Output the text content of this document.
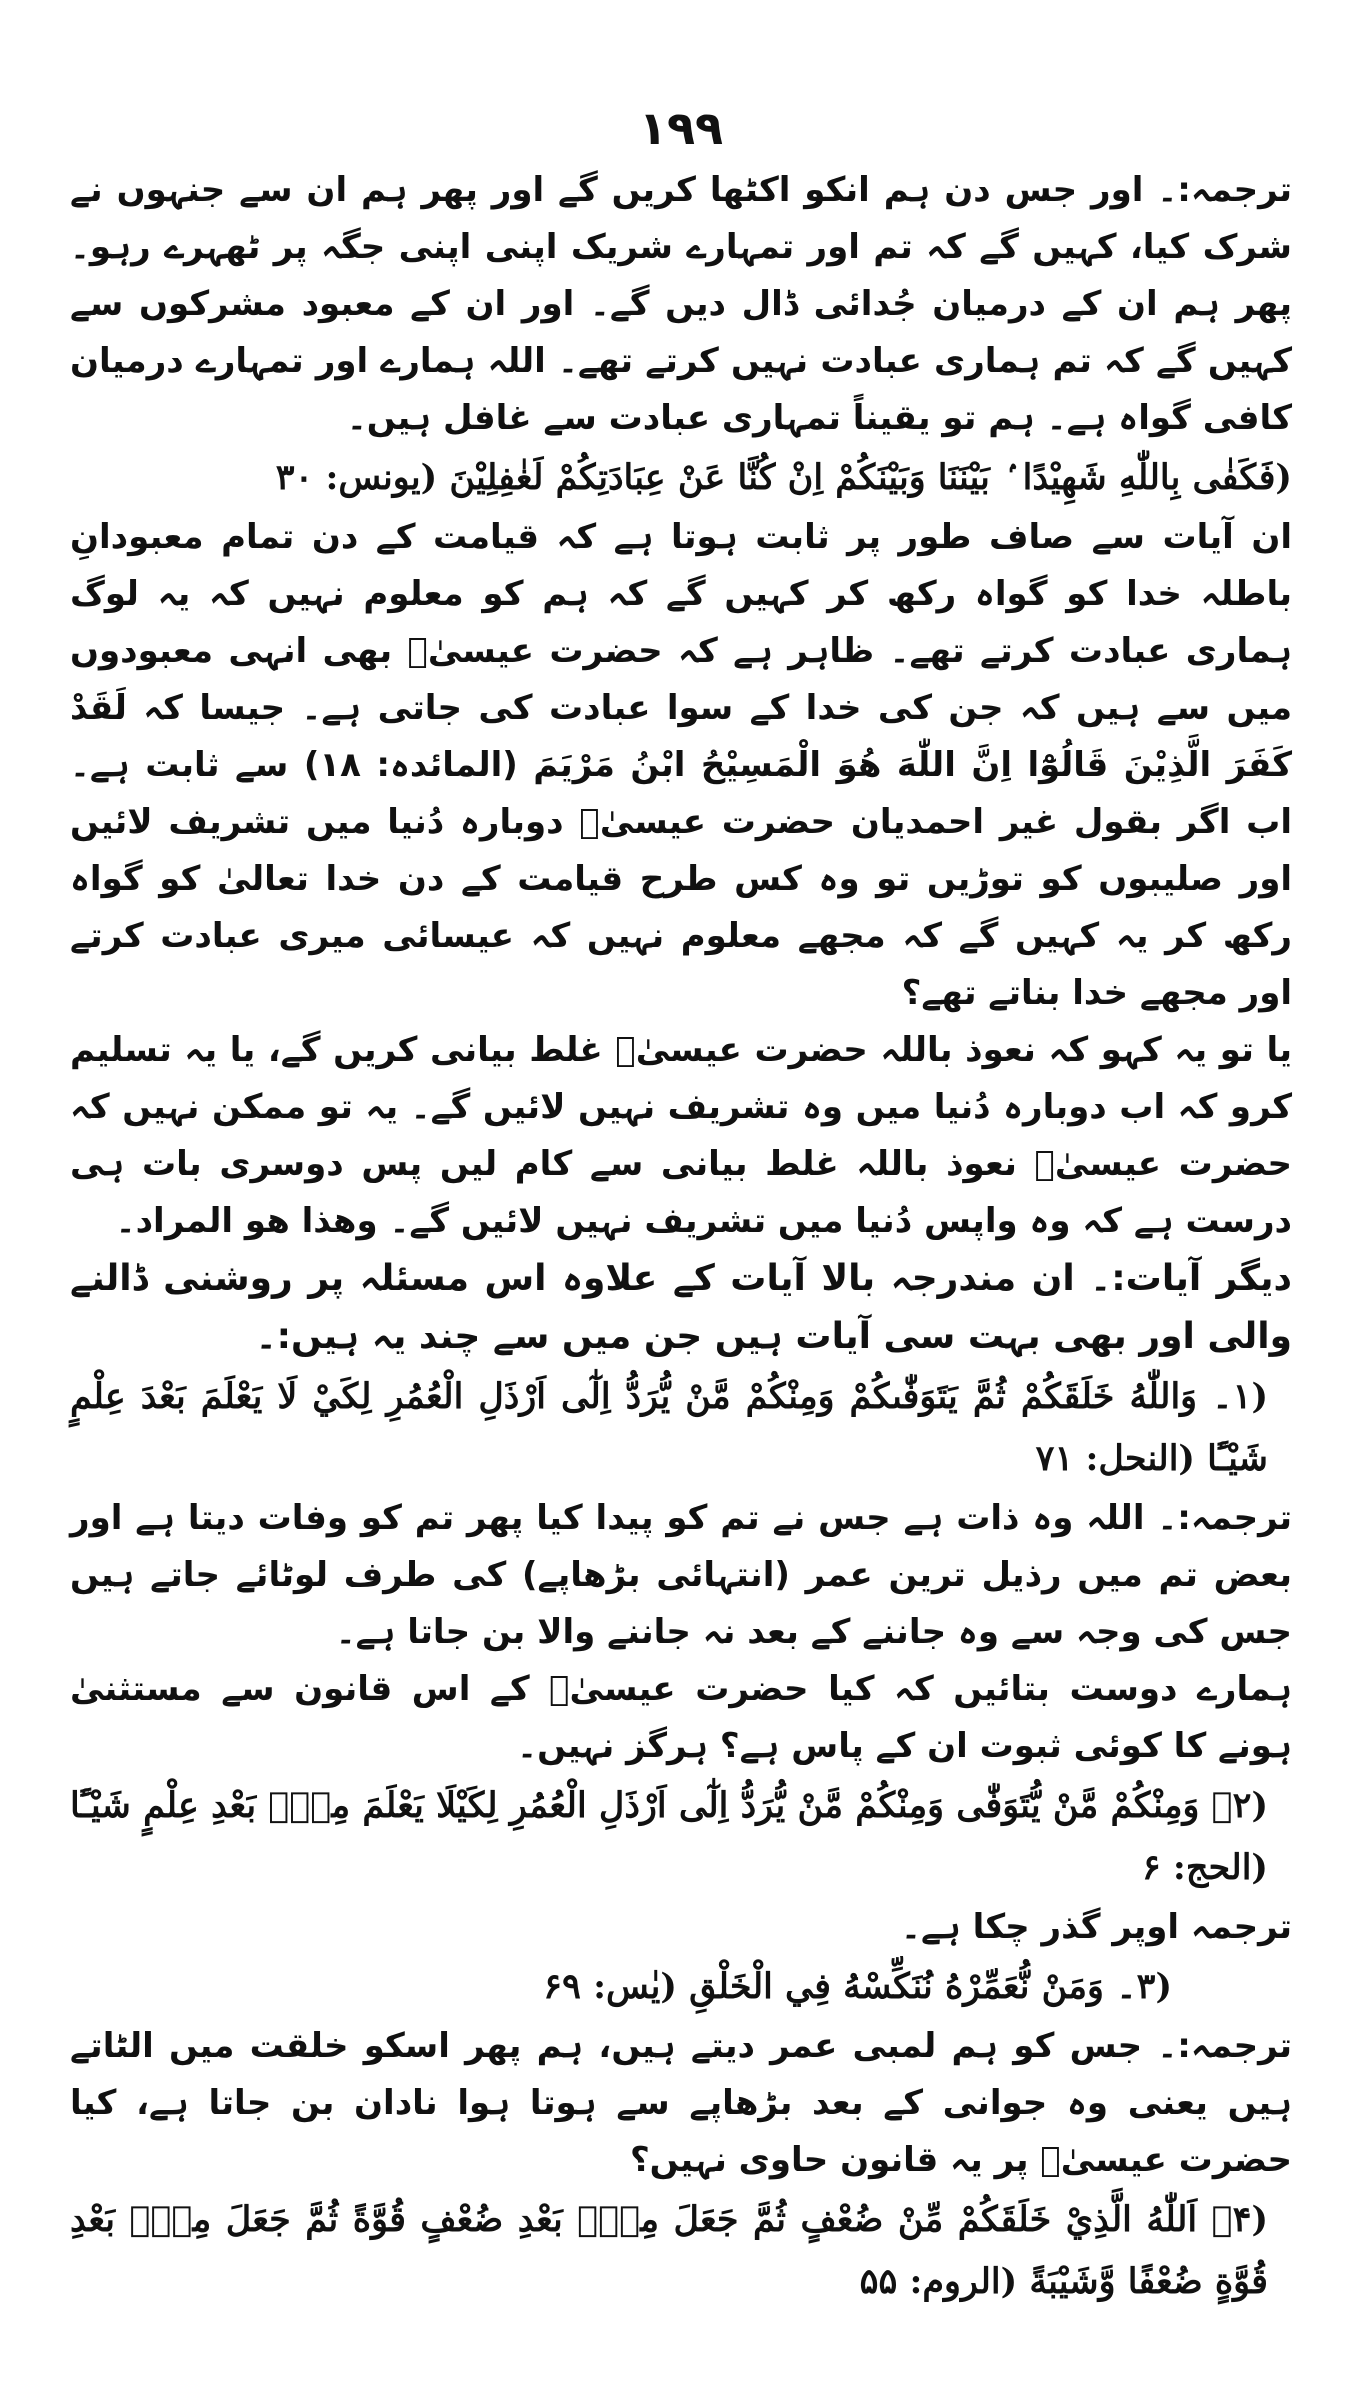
١٩٩

ترجمہ:۔ اور جس دن ہم انکو اکٹھا کریں گے اور پھر ہم ان سے جنہوں نے شرک کیا، کہیں گے کہ تم اور تمہارے شریک اپنی اپنی جگہ پر ٹھہرے رہو۔ پھر ہم ان کے درمیان جُدائی ڈال دیں گے۔ اور ان کے معبود مشرکوں سے کہیں گے کہ تم ہماری عبادت نہیں کرتے تھے۔ اللہ ہمارے اور تمہارے درمیان کافی گواہ ہے۔ ہم تو یقیناً تمہاری عبادت سے غافل ہیں۔

(فَكَفٰى بِاللّٰهِ شَهِيْدًا ۢ بَيْنَنَا وَبَيْنَكُمْ اِنْ كُنَّا عَنْ عِبَادَتِكُمْ لَغٰفِلِيْنَ (یونس: ۳۰

ان آیات سے صاف طور پر ثابت ہوتا ہے کہ قیامت کے دن تمام معبودانِ باطلہ خدا کو گواہ رکھ کر کہیں گے کہ ہم کو معلوم نہیں کہ یہ لوگ ہماری عبادت کرتے تھے۔ ظاہر ہے کہ حضرت عیسیٰؑ بھی انہی معبودوں میں سے ہیں کہ جن کی خدا کے سوا عبادت کی جاتی ہے۔ جیسا کہ لَقَدْ كَفَرَ الَّذِيْنَ قَالُوْٓا اِنَّ اللّٰهَ هُوَ الْمَسِيْحُ ابْنُ مَرْيَمَ (المائدہ: ۱۸) سے ثابت ہے۔ اب اگر بقول غیر احمدیان حضرت عیسیٰؑ دوبارہ دُنیا میں تشریف لائیں اور صلیبوں کو توڑیں تو وہ کس طرح قیامت کے دن خدا تعالیٰ کو گواہ رکھ کر یہ کہیں گے کہ مجھے معلوم نہیں کہ عیسائی میری عبادت کرتے اور مجھے خدا بناتے تھے؟

یا تو یہ کہو کہ نعوذ باللہ حضرت عیسیٰؑ غلط بیانی کریں گے، یا یہ تسلیم کرو کہ اب دوبارہ دُنیا میں وہ تشریف نہیں لائیں گے۔ یہ تو ممکن نہیں کہ حضرت عیسیٰؑ نعوذ باللہ غلط بیانی سے کام لیں پس دوسری بات ہی درست ہے کہ وہ واپس دُنیا میں تشریف نہیں لائیں گے۔ وھذا ھو المراد۔

دیگر آیات:۔ ان مندرجہ بالا آیات کے علاوہ اس مسئلہ پر روشنی ڈالنے والی اور بھی بہت سی آیات ہیں جن میں سے چند یہ ہیں:۔

(۱۔ وَاللّٰهُ خَلَقَكُمْ ثُمَّ يَتَوَفّٰىكُمْ وَمِنْكُمْ مَّنْ يُّرَدُّ اِلٰٓى اَرْذَلِ الْعُمُرِ لِكَيْ لَا يَعْلَمَ بَعْدَ عِلْمٍ شَيْـًٔا (النحل: ۷۱

ترجمہ:۔ اللہ وہ ذات ہے جس نے تم کو پیدا کیا پھر تم کو وفات دیتا ہے اور بعض تم میں رذیل ترین عمر (انتہائی بڑھاپے) کی طرف لوٹائے جاتے ہیں جس کی وجہ سے وہ جاننے کے بعد نہ جاننے والا بن جاتا ہے۔

ہمارے دوست بتائیں کہ کیا حضرت عیسیٰؑ کے اس قانون سے مستثنیٰ ہونے کا کوئی ثبوت ان کے پاس ہے؟ ہرگز نہیں۔

(۲۔ وَمِنْكُمْ مَّنْ يُّتَوَفّٰى وَمِنْكُمْ مَّنْ يُّرَدُّ اِلٰٓى اَرْذَلِ الْعُمُرِ لِكَيْلَا يَعْلَمَ مِنْۢ بَعْدِ عِلْمٍ شَيْـًٔا (الحج: ۶

ترجمہ اوپر گذر چکا ہے۔

(۳۔ وَمَنْ نُّعَمِّرْهُ نُنَكِّسْهُ فِي الْخَلْقِ (یٰس: ۶۹

ترجمہ:۔ جس کو ہم لمبی عمر دیتے ہیں، ہم پھر اسکو خلقت میں الٹاتے ہیں یعنی وہ جوانی کے بعد بڑھاپے سے ہوتا ہوا نادان بن جاتا ہے، کیا حضرت عیسیٰؑ پر یہ قانون حاوی نہیں؟

(۴۔ اَللّٰهُ الَّذِيْ خَلَقَكُمْ مِّنْ ضُعْفٍ ثُمَّ جَعَلَ مِنْۢ بَعْدِ ضُعْفٍ قُوَّةً ثُمَّ جَعَلَ مِنْۢ بَعْدِ قُوَّةٍ ضُعْفًا وَّشَيْبَةً (الروم: ۵۵
